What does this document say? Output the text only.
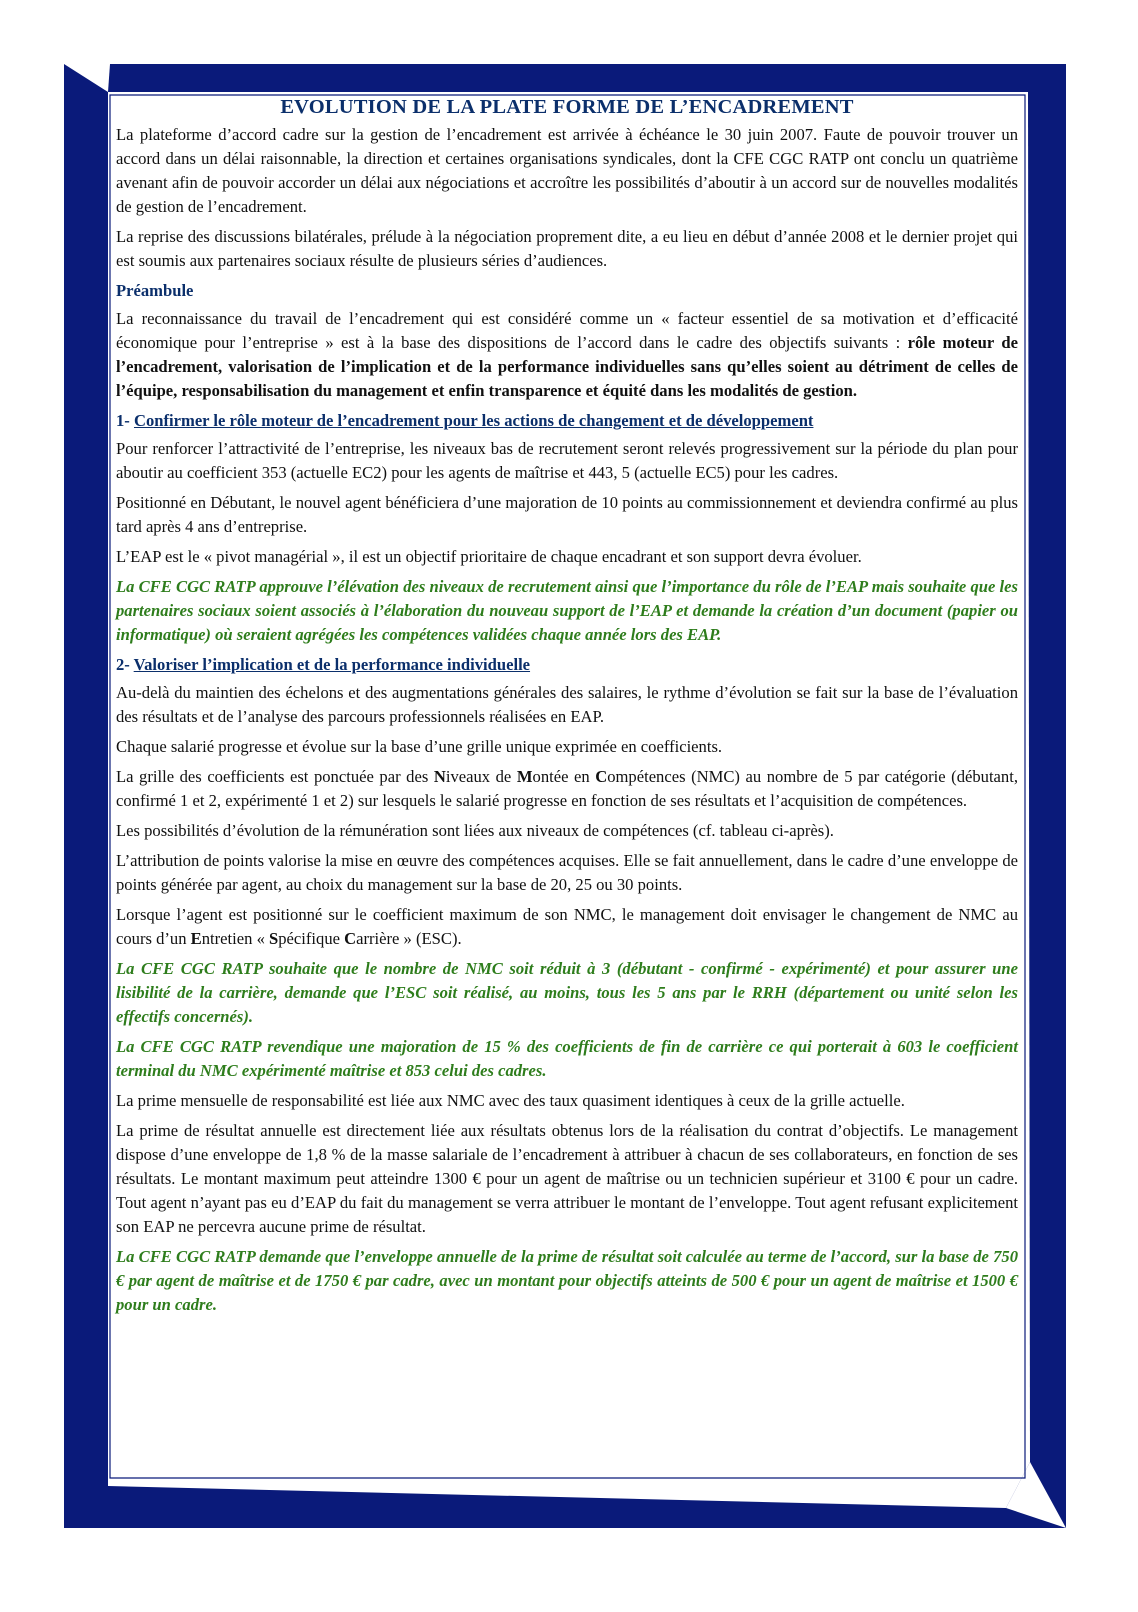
EVOLUTION DE LA PLATE FORME DE L’ENCADREMENT

La plateforme d’accord cadre sur la gestion de l’encadrement est arrivée à échéance le 30 juin 2007. Faute de pouvoir trouver un accord dans un délai raisonnable, la direction et certaines organisations syndicales, dont la CFE CGC RATP ont conclu un quatrième avenant afin de pouvoir accorder un délai aux négociations et accroître les possibilités d’aboutir à un accord sur de nouvelles modalités de gestion de l’encadrement.

La reprise des discussions bilatérales, prélude à la négociation proprement dite, a eu lieu en début d’année 2008 et le dernier projet qui est soumis aux partenaires sociaux résulte de plusieurs séries d’audiences.

Préambule

La reconnaissance du travail de l’encadrement qui est considéré comme un « facteur essentiel de sa motivation et d’efficacité économique pour l’entreprise » est à la base des dispositions de l’accord dans le cadre des objectifs suivants : rôle moteur de l’encadrement, valorisation de l’implication et de la performance individuelles sans qu’elles soient au détriment de celles de l’équipe, responsabilisation du management et enfin transparence et équité dans les modalités de gestion.

1- Confirmer le rôle moteur de l’encadrement pour les actions de changement et de développement

Pour renforcer l’attractivité de l’entreprise, les niveaux bas de recrutement seront relevés progressivement sur la période du plan pour aboutir au coefficient 353 (actuelle EC2) pour les agents de maîtrise et 443, 5 (actuelle EC5) pour les cadres.

Positionné en Débutant, le nouvel agent bénéficiera d’une majoration de 10 points au commissionnement et deviendra confirmé au plus tard après 4 ans d’entreprise.

L’EAP est le « pivot managérial », il est un objectif prioritaire de chaque encadrant et son support devra évoluer.

La CFE CGC RATP approuve l’élévation des niveaux de recrutement ainsi que l’importance du rôle de l’EAP mais souhaite que les partenaires sociaux soient associés à l’élaboration du nouveau support de l’EAP et demande la création d’un document (papier ou informatique) où seraient agrégées les compétences validées chaque année lors des EAP.

2- Valoriser l’implication et de la performance individuelle

Au-delà du maintien des échelons et des augmentations générales des salaires, le rythme d’évolution se fait sur la base de l’évaluation des résultats et de l’analyse des parcours professionnels réalisées en EAP.

Chaque salarié progresse et évolue sur la base d’une grille unique exprimée en coefficients.

La grille des coefficients est ponctuée par des Niveaux de Montée en Compétences (NMC) au nombre de 5 par catégorie (débutant, confirmé 1 et 2, expérimenté 1 et 2) sur lesquels le salarié progresse en fonction de ses résultats et l’acquisition de compétences.

Les possibilités d’évolution de la rémunération sont liées aux niveaux de compétences (cf. tableau ci-après).

L’attribution de points valorise la mise en œuvre des compétences acquises. Elle se fait annuellement, dans le cadre d’une enveloppe de points générée par agent, au choix du management sur la base de 20, 25 ou 30 points.

Lorsque l’agent est positionné sur le coefficient maximum de son NMC, le management doit envisager le changement de NMC au cours d’un Entretien « Spécifique Carrière » (ESC).

La CFE CGC RATP souhaite que le nombre de NMC soit réduit à 3 (débutant - confirmé - expérimenté) et pour assurer une lisibilité de la carrière, demande que l’ESC soit réalisé, au moins, tous les 5 ans par le RRH (département ou unité selon les effectifs concernés).

La CFE CGC RATP revendique une majoration de 15 % des coefficients de fin de carrière ce qui porterait à 603 le coefficient terminal du NMC expérimenté maîtrise et 853 celui des cadres.

La prime mensuelle de responsabilité est liée aux NMC avec des taux quasiment identiques à ceux de la grille actuelle.

La prime de résultat annuelle est directement liée aux résultats obtenus lors de la réalisation du contrat d’objectifs. Le management dispose d’une enveloppe de 1,8 % de la masse salariale de l’encadrement à attribuer à chacun de ses collaborateurs, en fonction de ses résultats. Le montant maximum peut atteindre 1300 € pour un agent de maîtrise ou un technicien supérieur et 3100 € pour un cadre. Tout agent n’ayant pas eu d’EAP du fait du management se verra attribuer le montant de l’enveloppe. Tout agent refusant explicitement son EAP ne percevra aucune prime de résultat.

La CFE CGC RATP demande que l’enveloppe annuelle de la prime de résultat soit calculée au terme de l’accord, sur la base de 750 € par agent de maîtrise et de 1750 € par cadre, avec un montant pour objectifs atteints de 500 € pour un agent de maîtrise et 1500 € pour un cadre.
